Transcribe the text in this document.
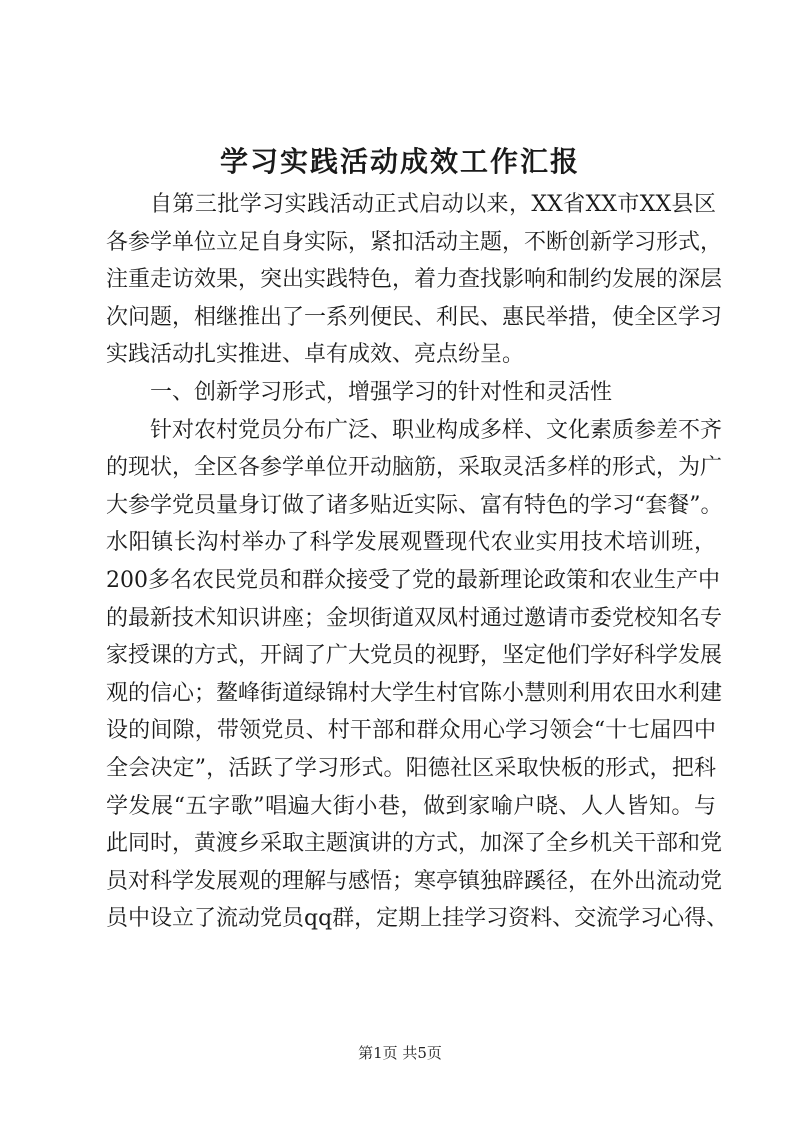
学习实践活动成效工作汇报
自第三批学习实践活动正式启动以来，XX省XX市XX县区
各参学单位立足自身实际，紧扣活动主题，不断创新学习形式，
注重走访效果，突出实践特色，着力查找影响和制约发展的深层
次问题，相继推出了一系列便民、利民、惠民举措，使全区学习
实践活动扎实推进、卓有成效、亮点纷呈。
一、创新学习形式，增强学习的针对性和灵活性
针对农村党员分布广泛、职业构成多样、文化素质参差不齐
的现状，全区各参学单位开动脑筋，采取灵活多样的形式，为广
大参学党员量身订做了诸多贴近实际、富有特色的学习“套餐”。
水阳镇长沟村举办了科学发展观暨现代农业实用技术培训班，
200多名农民党员和群众接受了党的最新理论政策和农业生产中
的最新技术知识讲座；金坝街道双凤村通过邀请市委党校知名专
家授课的方式，开阔了广大党员的视野，坚定他们学好科学发展
观的信心；鳌峰街道绿锦村大学生村官陈小慧则利用农田水利建
设的间隙，带领党员、村干部和群众用心学习领会“十七届四中
全会决定”，活跃了学习形式。阳德社区采取快板的形式，把科
学发展“五字歌”唱遍大街小巷，做到家喻户晓、人人皆知。与
此同时，黄渡乡采取主题演讲的方式，加深了全乡机关干部和党
员对科学发展观的理解与感悟；寒亭镇独辟蹊径，在外出流动党
员中设立了流动党员qq群，定期上挂学习资料、交流学习心得、
第1页 共5页
